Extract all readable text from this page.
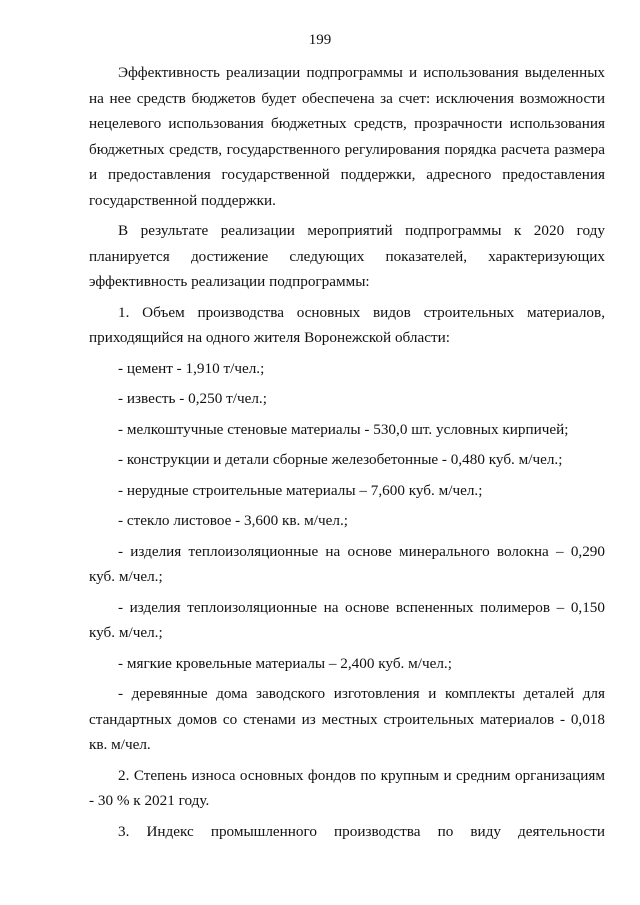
199

Эффективность реализации подпрограммы и использования выделенных на нее средств бюджетов будет обеспечена за счет: исключения возможности нецелевого использования бюджетных средств, прозрачности использования бюджетных средств, государственного регулирования порядка расчета размера и предоставления государственной поддержки, адресного предоставления государственной поддержки.

В результате реализации мероприятий подпрограммы к 2020 году планируется достижение следующих показателей, характеризующих эффективность реализации подпрограммы:

1. Объем производства основных видов строительных материалов, приходящийся на одного жителя Воронежской области:

- цемент - 1,910 т/чел.;

- известь - 0,250 т/чел.;

- мелкоштучные стеновые материалы - 530,0 шт. условных кирпичей;

- конструкции и детали сборные железобетонные - 0,480 куб. м/чел.;

- нерудные строительные материалы – 7,600 куб. м/чел.;

- стекло листовое - 3,600 кв. м/чел.;

- изделия теплоизоляционные на основе минерального волокна – 0,290 куб. м/чел.;

- изделия теплоизоляционные на основе вспененных полимеров – 0,150 куб. м/чел.;

- мягкие кровельные материалы – 2,400 куб. м/чел.;

- деревянные дома заводского изготовления и комплекты деталей для стандартных домов со стенами из местных строительных материалов - 0,018 кв. м/чел.

2. Степень износа основных фондов по крупным и средним организациям - 30 % к 2021 году.

3. Индекс промышленного производства по виду деятельности
